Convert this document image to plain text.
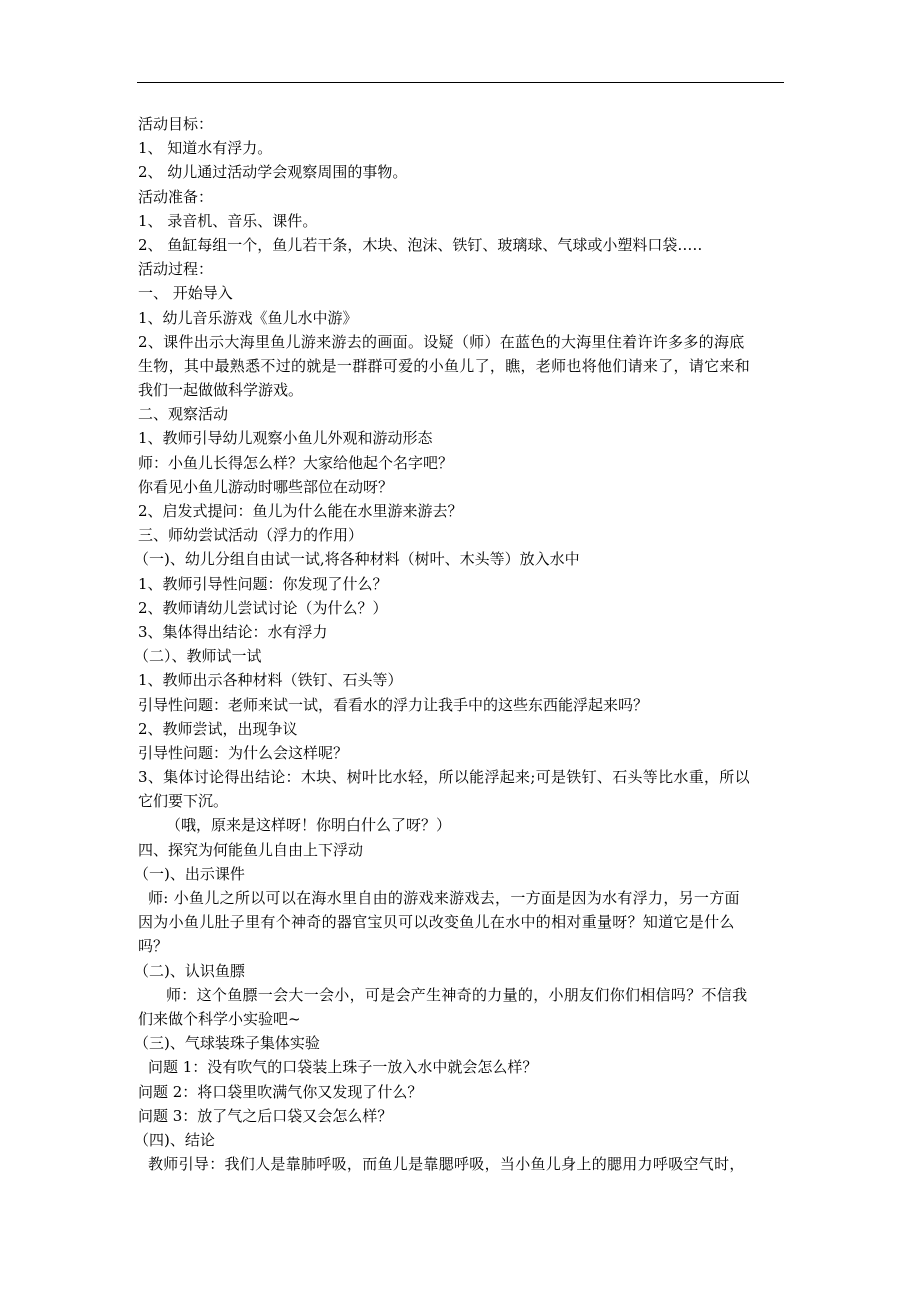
活动目标：
1、 知道水有浮力。
2、 幼儿通过活动学会观察周围的事物。
活动准备：
1、 录音机、音乐、课件。
2、 鱼缸每组一个，鱼儿若干条，木块、泡沫、铁钉、玻璃球、气球或小塑料口袋…‥
活动过程：
一、 开始导入
1、幼儿音乐游戏《鱼儿水中游》
2、课件出示大海里鱼儿游来游去的画面。设疑（师）在蓝色的大海里住着许许多多的海底
生物，其中最熟悉不过的就是一群群可爱的小鱼儿了，瞧，老师也将他们请来了，请它来和
我们一起做做科学游戏。
二、观察活动
1、教师引导幼儿观察小鱼儿外观和游动形态
师：小鱼儿长得怎么样？大家给他起个名字吧？
你看见小鱼儿游动时哪些部位在动呀？
2、启发式提问：鱼儿为什么能在水里游来游去？
三、师幼尝试活动（浮力的作用）
（一)、幼儿分组自由试一试,将各种材料（树叶、木头等）放入水中
1、教师引导性问题：你发现了什么？
2、教师请幼儿尝试讨论（为什么？）
3、集体得出结论：水有浮力
（二）、教师试一试
1、教师出示各种材料（铁钉、石头等）
引导性问题：老师来试一试，看看水的浮力让我手中的这些东西能浮起来吗？
2、教师尝试，出现争议
引导性问题：为什么会这样呢？
3、集体讨论得出结论：木块、树叶比水轻，所以能浮起来;可是铁钉、石头等比水重，所以
它们要下沉。
（哦，原来是这样呀！你明白什么了呀？）
四、探究为何能鱼儿自由上下浮动
（一)、出示课件
师: 小鱼儿之所以可以在海水里自由的游戏来游戏去，一方面是因为水有浮力，另一方面
因为小鱼儿肚子里有个神奇的器官宝贝可以改变鱼儿在水中的相对重量呀？知道它是什么
吗？
（二)、认识鱼膘
师：这个鱼膘一会大一会小，可是会产生神奇的力量的，小朋友们你们相信吗？不信我
们来做个科学小实验吧~
（三)、气球装珠子集体实验
问题 1：没有吹气的口袋装上珠子一放入水中就会怎么样？
问题 2：将口袋里吹满气你又发现了什么？
问题 3：放了气之后口袋又会怎么样？
（四)、结论
教师引导：我们人是靠肺呼吸，而鱼儿是靠腮呼吸，当小鱼儿身上的腮用力呼吸空气时，
